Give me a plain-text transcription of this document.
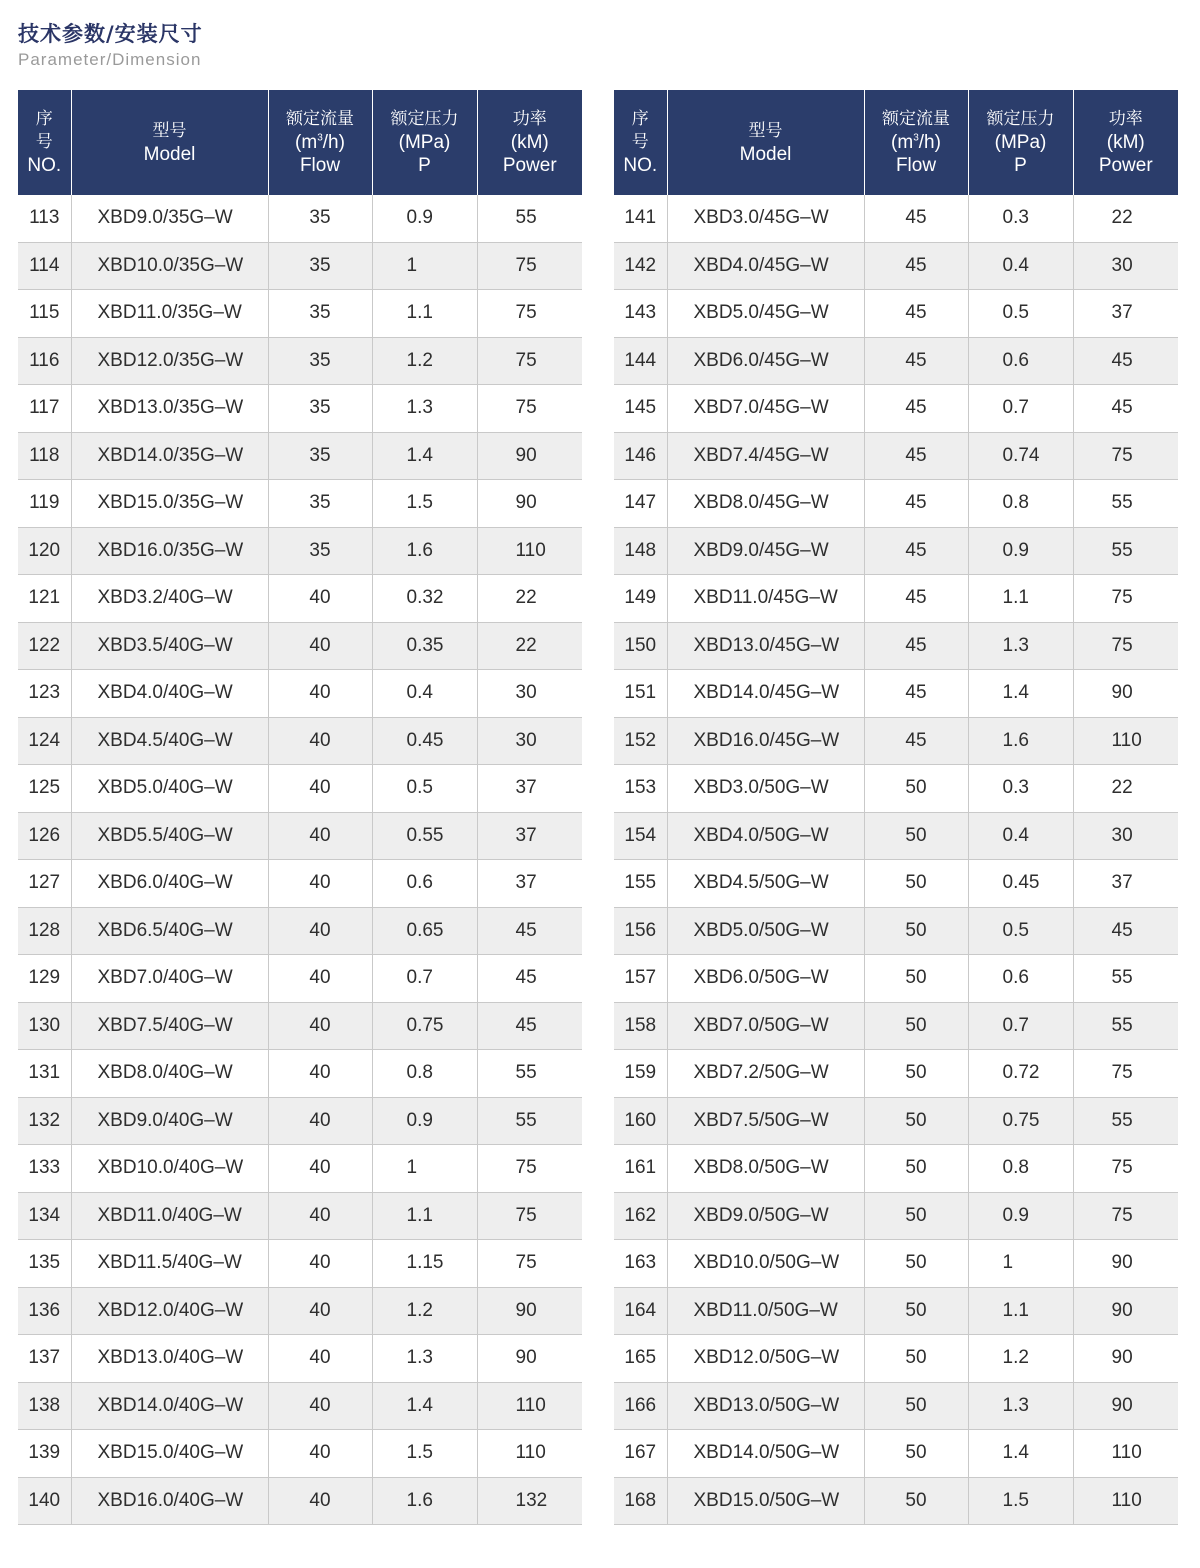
技术参数/安装尺寸
Parameter/Dimension
序
号
NO.	型号
Model	额定流量
$(m^3/h)$
Flow	额定压力
(MPa)
P	功率
(kM)
Power

113	XBD9.0/35G–W	35	0.9	55
114	XBD10.0/35G–W	35	1	75
115	XBD11.0/35G–W	35	1.1	75
116	XBD12.0/35G–W	35	1.2	75
117	XBD13.0/35G–W	35	1.3	75
118	XBD14.0/35G–W	35	1.4	90
119	XBD15.0/35G–W	35	1.5	90
120	XBD16.0/35G–W	35	1.6	110
121	XBD3.2/40G–W	40	0.32	22
122	XBD3.5/40G–W	40	0.35	22
123	XBD4.0/40G–W	40	0.4	30
124	XBD4.5/40G–W	40	0.45	30
125	XBD5.0/40G–W	40	0.5	37
126	XBD5.5/40G–W	40	0.55	37
127	XBD6.0/40G–W	40	0.6	37
128	XBD6.5/40G–W	40	0.65	45
129	XBD7.0/40G–W	40	0.7	45
130	XBD7.5/40G–W	40	0.75	45
131	XBD8.0/40G–W	40	0.8	55
132	XBD9.0/40G–W	40	0.9	55
133	XBD10.0/40G–W	40	1	75
134	XBD11.0/40G–W	40	1.1	75
135	XBD11.5/40G–W	40	1.15	75
136	XBD12.0/40G–W	40	1.2	90
137	XBD13.0/40G–W	40	1.3	90
138	XBD14.0/40G–W	40	1.4	110
139	XBD15.0/40G–W	40	1.5	110
140	XBD16.0/40G–W	40	1.6	132
序
号
NO.	型号
Model	额定流量
$(m^3/h)$
Flow	额定压力
(MPa)
P	功率
(kM)
Power

141	XBD3.0/45G–W	45	0.3	22
142	XBD4.0/45G–W	45	0.4	30
143	XBD5.0/45G–W	45	0.5	37
144	XBD6.0/45G–W	45	0.6	45
145	XBD7.0/45G–W	45	0.7	45
146	XBD7.4/45G–W	45	0.74	75
147	XBD8.0/45G–W	45	0.8	55
148	XBD9.0/45G–W	45	0.9	55
149	XBD11.0/45G–W	45	1.1	75
150	XBD13.0/45G–W	45	1.3	75
151	XBD14.0/45G–W	45	1.4	90
152	XBD16.0/45G–W	45	1.6	110
153	XBD3.0/50G–W	50	0.3	22
154	XBD4.0/50G–W	50	0.4	30
155	XBD4.5/50G–W	50	0.45	37
156	XBD5.0/50G–W	50	0.5	45
157	XBD6.0/50G–W	50	0.6	55
158	XBD7.0/50G–W	50	0.7	55
159	XBD7.2/50G–W	50	0.72	75
160	XBD7.5/50G–W	50	0.75	55
161	XBD8.0/50G–W	50	0.8	75
162	XBD9.0/50G–W	50	0.9	75
163	XBD10.0/50G–W	50	1	90
164	XBD11.0/50G–W	50	1.1	90
165	XBD12.0/50G–W	50	1.2	90
166	XBD13.0/50G–W	50	1.3	90
167	XBD14.0/50G–W	50	1.4	110
168	XBD15.0/50G–W	50	1.5	110
